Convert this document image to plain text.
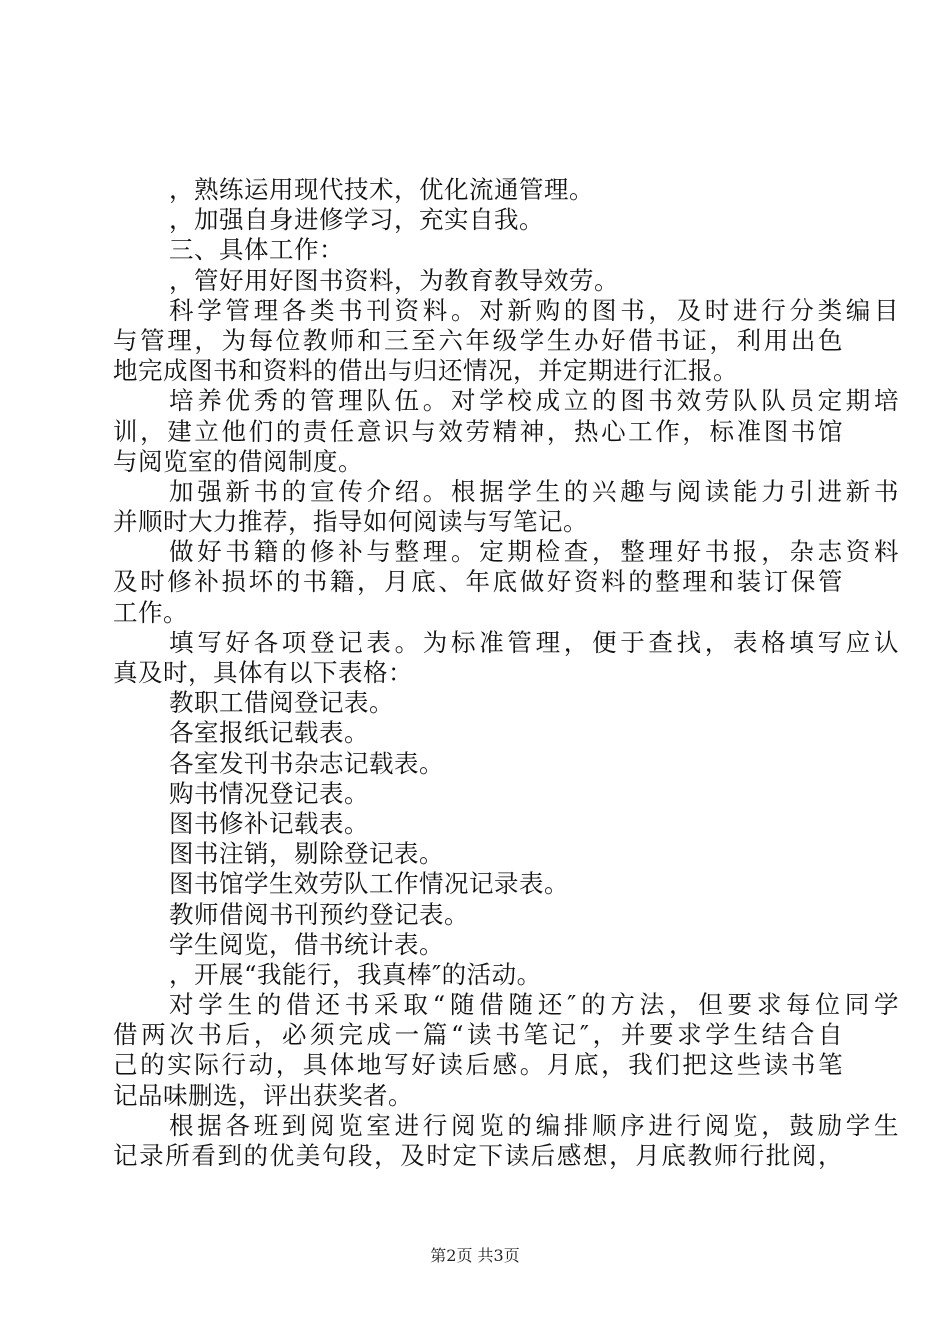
，熟练运用现代技术，优化流通管理。
，加强自身进修学习，充实自我。
三、具体工作：
，管好用好图书资料，为教育教导效劳。
科学管理各类书刊资料。对新购的图书，及时进行分类编目
与管理，为每位教师和三至六年级学生办好借书证，利用出色
地完成图书和资料的借出与归还情况，并定期进行汇报。
培养优秀的管理队伍。对学校成立的图书效劳队队员定期培
训，建立他们的责任意识与效劳精神，热心工作，标准图书馆
与阅览室的借阅制度。
加强新书的宣传介绍。根据学生的兴趣与阅读能力引进新书
并顺时大力推荐，指导如何阅读与写笔记。
做好书籍的修补与整理。定期检查，整理好书报，杂志资料
及时修补损坏的书籍，月底、年底做好资料的整理和装订保管
工作。
填写好各项登记表。为标准管理，便于查找，表格填写应认
真及时，具体有以下表格：
教职工借阅登记表。
各室报纸记载表。
各室发刊书杂志记载表。
购书情况登记表。
图书修补记载表。
图书注销，剔除登记表。
图书馆学生效劳队工作情况记录表。
教师借阅书刊预约登记表。
学生阅览，借书统计表。
，开展“我能行，我真棒″的活动。
对学生的借还书采取“随借随还″的方法，但要求每位同学
借两次书后，必须完成一篇“读书笔记″，并要求学生结合自
己的实际行动，具体地写好读后感。月底，我们把这些读书笔
记品味删选，评出获奖者。
根据各班到阅览室进行阅览的编排顺序进行阅览，鼓励学生
记录所看到的优美句段，及时定下读后感想，月底教师行批阅，
第2页 共3页
